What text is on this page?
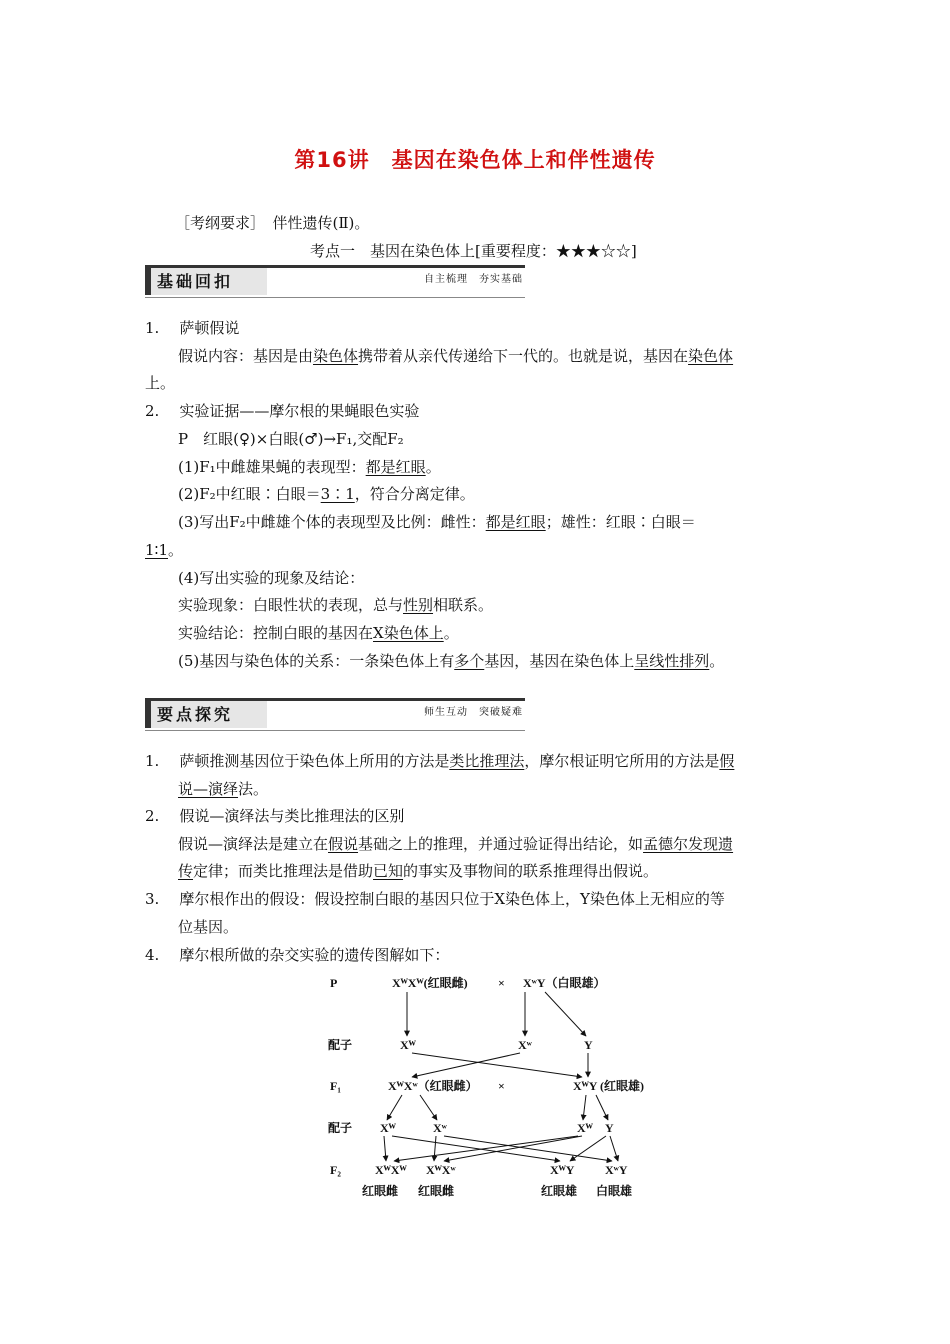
第16讲　基因在染色体上和伴性遗传
［考纲要求］　伴性遗传(Ⅱ)。
考点一　基因在染色体上[重要程度：★★★☆☆]
基础回扣	自主梳理　夯实基础
1. 萨顿假说
假说内容：基因是由染色体携带着从亲代传递给下一代的。也就是说，基因在染色体
上。
2. 实验证据——摩尔根的果蝇眼色实验
P　红眼(♀)×白眼(♂)→F₁,交配F₂
(1)F₁中雌雄果蝇的表现型：都是红眼。
(2)F₂中红眼∶白眼＝3∶1，符合分离定律。
(3)写出F₂中雌雄个体的表现型及比例：雌性：都是红眼；雄性：红眼∶白眼＝
1∶1。
(4)写出实验的现象及结论：
实验现象：白眼性状的表现，总与性别相联系。
实验结论：控制白眼的基因在X染色体上。
(5)基因与染色体的关系：一条染色体上有多个基因，基因在染色体上呈线性排列。
要点探究	师生互动　突破疑难
1. 萨顿推测基因位于染色体上所用的方法是类比推理法，摩尔根证明它所用的方法是假
说—演绎法。
2. 假说—演绎法与类比推理法的区别
假说—演绎法是建立在假说基础之上的推理，并通过验证得出结论，如孟德尔发现遗
传定律；而类比推理法是借助已知的事实及事物间的联系推理得出假说。
3. 摩尔根作出的假设：假设控制白眼的基因只位于X染色体上，Y染色体上无相应的等
位基因。
4. 摩尔根所做的杂交实验的遗传图解如下：
P
配子
F₁
配子
F₂
XᵂXᵂ(红眼雌)	× XʷY（白眼雄）
Xᵂ	Xʷ	Y
XᵂXʷ（红眼雌） ×	XᵂY (红眼雄)
Xᵂ	Xʷ	Xᵂ Y
XᵂXᵂ XᵂXʷ	XᵂY	XʷY
红眼雌 红眼雌	红眼雄 白眼雄
